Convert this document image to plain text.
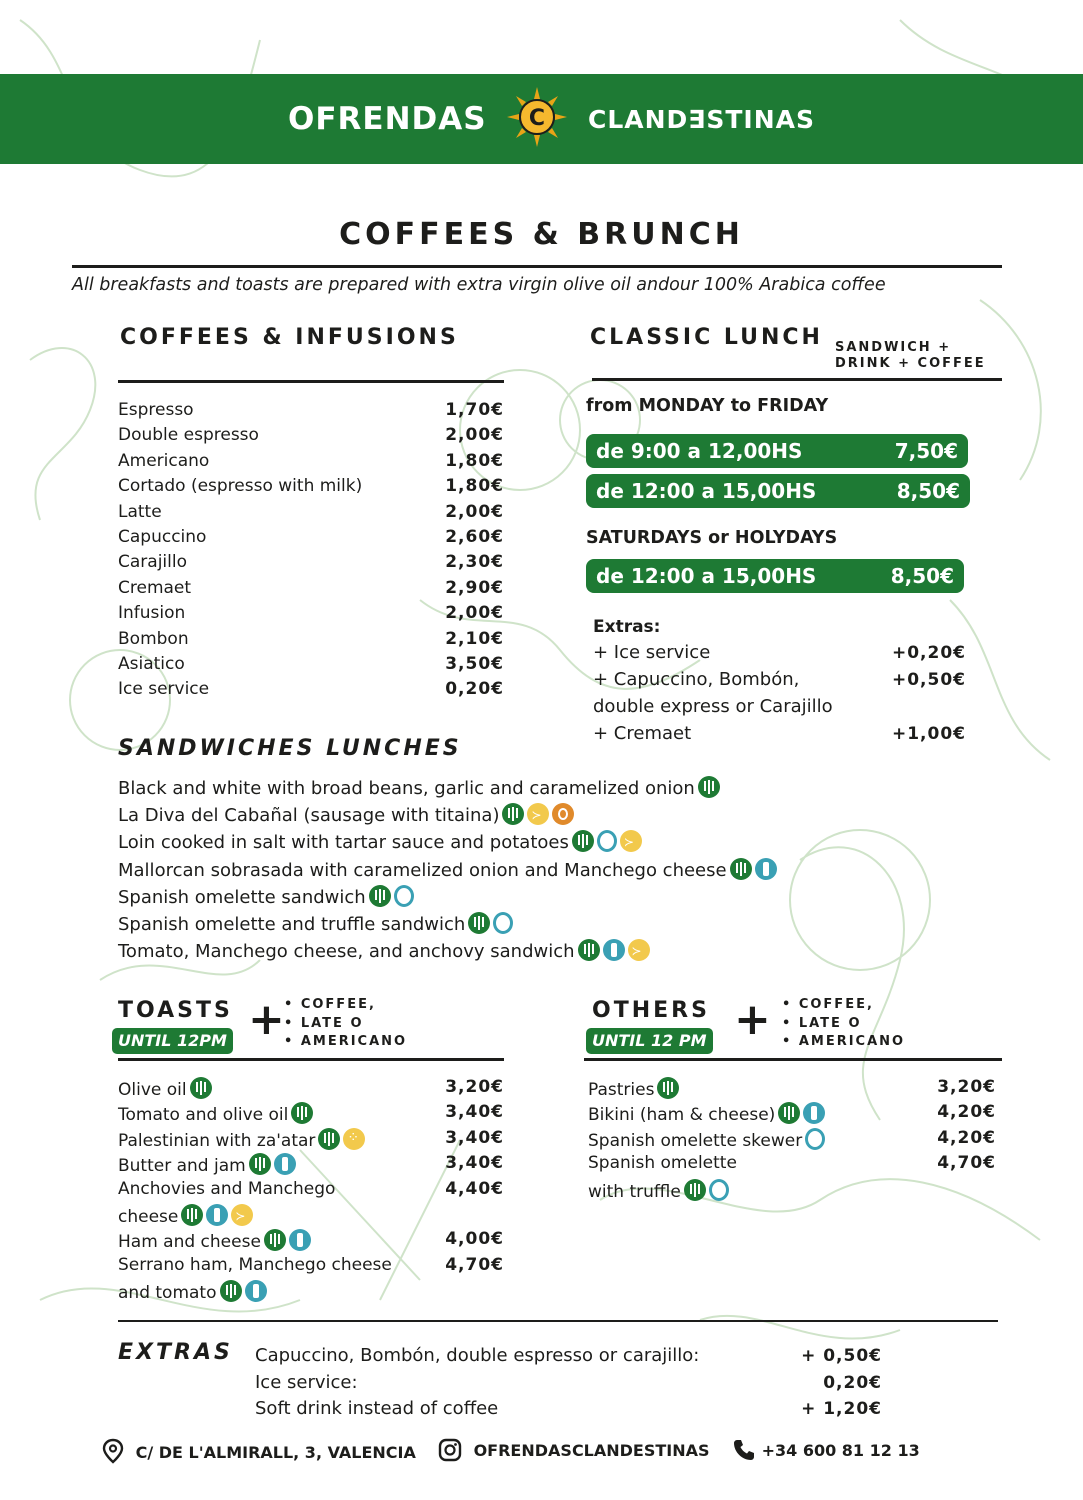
OFRENDAS	CLAND∃STINAS
C
COFFEES & BRUNCH
All breakfasts and toasts are prepared with extra virgin olive oil andour 100% Arabica coffee
COFFEES & INFUSIONS
Espresso	1,70€
Double espresso	2,00€
Americano	1,80€
Cortado (espresso with milk)	1,80€
Latte	2,00€
Capuccino	2,60€
Carajillo	2,30€
Cremaet	2,90€
Infusion	2,00€
Bombon	2,10€
Asiatico	3,50€
Ice service	0,20€
CLASSIC LUNCH SANDWICH +
DRINK + COFFEE
from MONDAY to FRIDAY
de 9:00 a 12,00HS	7,50€
de 12:00 a 15,00HS	8,50€
SATURDAYS or HOLYDAYS
de 12:00 a 15,00HS	8,50€
Extras:
+ Ice service	+0,20€
+ Capuccino, Bombón,	+0,50€
double express or Carajillo
+ Cremaet	+1,00€
SANDWICHES LUNCHES
Black and white with broad beans, garlic and caramelized onion
La Diva del Cabañal (sausage with titaina)≻
Loin cooked in salt with tartar sauce and potatoes≻
Mallorcan sobrasada with caramelized onion and Manchego cheese
Spanish omelette sandwich
Spanish omelette and truffle sandwich
Tomato, Manchego cheese, and anchovy sandwich≻
TOASTS
UNTIL 12PM + • COFFEE,
• LATE O
• AMERICANO
Olive oil	3,20€
Tomato and olive oil	3,40€
Palestinian with za'atar⁘	3,40€
Butter and jam	3,40€
Anchovies and Manchego
cheese≻
4,40€
Ham and cheese	4,00€
Serrano ham, Manchego cheese
and tomato
4,70€
OTHERS
UNTIL 12 PM + • COFFEE,
• LATE O
• AMERICANO
Pastries	3,20€
Bikini (ham & cheese)	4,20€
Spanish omelette skewer	4,20€
Spanish omelette
with truffle
4,70€
EXTRAS Capuccino, Bombón, double espresso or carajillo:	+ 0,50€
Ice service:	0,20€
Soft drink instead of coffee	+ 1,20€
C/ DE L'ALMIRALL, 3, VALENCIA	OFRENDASCLANDESTINAS	+34 600 81 12 13
